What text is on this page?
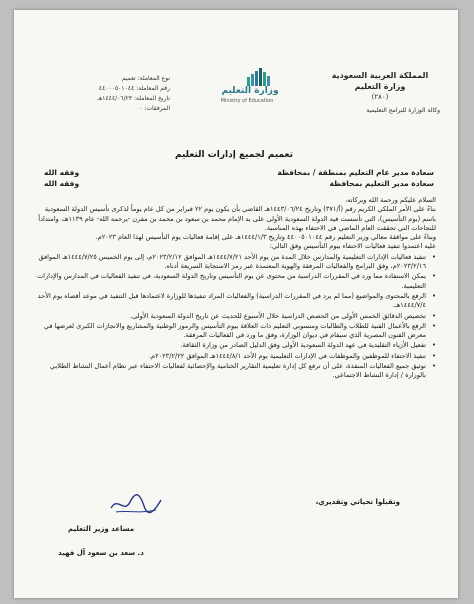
المملكة العربية السعودية
وزارة التعليم
(٢٨٠)
وكالة الوزارة للبرامج التعليمية
وزارة التعليم
Ministry of Education
نوع المعاملة: تعميم
رقم المعاملة: ٤٤٠٠٠٥٠١٠٤٤
تاريخ المعاملة: ١٤٤٤/٠٦/٢٣هـ
المرفقات: ٠
تعميم لجميع إدارات التعليم
سعادة مدير عام التعليم بمنطقة / بمحافظة
سعادة مدير التعليم بمحافظة
وفقه الله
وفقه الله

السلام عليكم ورحمة الله وبركاته،

بناءً على الأمر الملكي الكريم رقم (أ/٣٧١) وتاريخ ١٤٤٣/٠٦/٢٤هـ القاضي بأن يكون يوم ٢٢ فبراير من كل عام يوماً لذكرى تأسيس الدولة السعودية باسم (يوم التأسيس)، التي تأسست فيه الدولة السعودية الأولى على يد الإمام محمد بن سعود بن محمد بن مقرن -يرحمه الله- عام ١١٣٩هـ، وامتداداً للنجاحات التي تحققت العام الماضي في الاحتفاء بهذه المناسبة.

وبناءً على موافقة معالي وزير التعليم رقم ٤٤٠٠٥٠١٠٤٤ وتاريخ ١٤٤٤/١/٣هـ على إقامة فعاليات يوم التأسيس لهذا العام ٢٠٢٣م.

عليه اعتمدوا تنفيذ فعاليات الاحتفاء بيوم التأسيس وفق التالي:

• تنفيذ فعاليات الإدارات التعليمية والمدارس خلال المدة من يوم الأحد ١٤٤٤/٧/٢١هـ الموافق ٢٠٢٣/٢/١٢م، إلى يوم الخميس ١٤٤٤/٧/٢٥هـ الموافق ٢٠٢٣/٢/١٦م، وفق البرامج والفعاليات المرفقة والهوية المعتمدة عبر رمز الاستجابة السريعة أدناه.

• يمكن الاستفادة مما ورد في المقررات الدراسية من محتوى عن يوم التأسيس وتاريخ الدولة السعودية، في تنفيذ الفعاليات في المدارس والإدارات التعليمية.

• الرفع بالمحتوى والمواضيع (مما لم يرد في المقررات الدراسية) والفعاليات المراد تنفيذها للوزارة لاعتمادها قبل التنفيذ في موعد أقصاه يوم الأحد ١٤٤٤/٧/٤هـ.

• تخصيص الدقائق الخمس الأولى من الحصص الدراسية خلال الأسبوع للحديث عن تاريخ الدولة السعودية الأولى.

• الرفع بالأعمال الفنية للطلاب والطالبات ومنسوبي التعليم ذات العلاقة بيوم التأسيس والرموز الوطنية والمشاريع والانجازات الكبرى لعرضها في معرض الفنون المصرية الذي سيقام في ديوان الوزارة، وفق ما ورد في الفعاليات المرفقة.

• تفعيل الأزياء التقليدية في عهد الدولة السعودية الأولى وفق الدليل الصادر من وزارة الثقافة.

• تنفيذ الاحتفاء للموظفين والموظفات في الإدارات التعليمية يوم الأحد ١٤٤٤/٨/١هـ الموافق ٢٠٢٣/٢/٢٢م.

• توثيق جميع الفعاليات المنفذة، على أن ترفع كل إدارة تعليمية التقارير الختامية والإحصائية لفعاليات الاحتفاء عبر نظام أعمال النشاط الطلابي بالوزارة / إدارة النشاط الاجتماعي.

وتقبلوا تحياتي وتقديري،
مساعد وزير التعليم
د. سعد بن سعود آل فهيد
